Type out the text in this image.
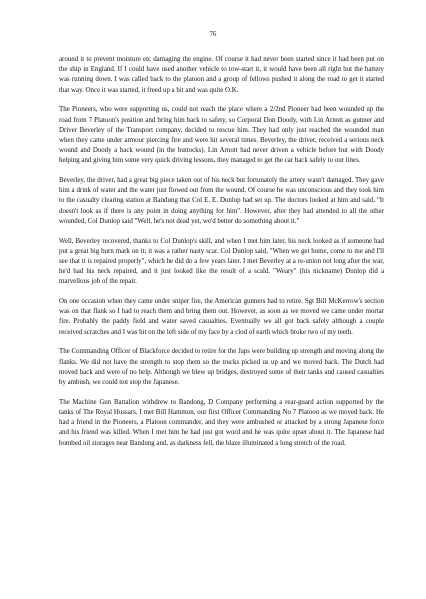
76

around it to prevent moisture etc damaging the engine. Of course it had never been started since it had been put on the ship in England. If I could have used another vehicle to tow-start it, it would have been all right but the battery was running down. I was called back to the platoon and a group of fellows pushed it along the road to get it started that way. Once it was started, it freed up a bit and was quite O.K.

The Pioneers, who were supporting us, could not reach the place where a 2/2nd Pioneer had been wounded up the road from 7 Platoon's position and bring him back to safety, so Corporal Don Doody, with Lin Arnott as gunner and Driver Beverley of the Transport company, decided to rescue him. They had only just reached the wounded man when they came under armour piercing fire and were hit several times. Beverley, the driver, received a serious neck wound and Doody a back wound (in the buttocks). Lin Arnott had never driven a vehicle before but with Doody helping and giving him some very quick driving lessons, they managed to get the car back safely to our lines.

Beverley, the driver, had a great big piece taken out of his neck but fortunately the artery wasn't damaged. They gave him a drink of water and the water just flowed out from the wound. Of course he was unconscious and they took him to the casualty clearing station at Bandung that Col E. E. Dunlop had set up. The doctors looked at him and said, "It doesn't look as if there is any point in doing anything for him". However, after they had attended to all the other wounded, Col Dunlop said "Well, he's not dead yet, we'd better do something about it."

Well, Beverley recovered, thanks to Col Dunlop's skill, and when I met him later, his neck looked as if someone had put a great big burn mark on it; it was a rather nasty scar. Col Dunlop said, "When we get home, come to me and I'll see that it is repaired properly", which he did do a few years later. I met Beverley at a re-union not long after the war, he'd had his neck repaired, and it just looked like the result of a scald. "Weary" (his nickname) Dunlop did a marvellous job of the repair.

On one occasion when they came under sniper fire, the American gunners had to retire. Sgt Bill McKerrow's section was on that flank so I had to reach them and bring them out. However, as soon as we moved we came under mortar fire. Probably the paddy field and water saved casualties. Eventually we all got back safely although a couple received scratches and I was hit on the left side of my face by a clod of earth which broke two of my teeth.

The Commanding Officer of Blackforce decided to retire for the Japs were building up strength and moving along the flanks. We did not have the strength to stop them so the trucks picked us up and we moved back. The Dutch had moved back and were of no help. Although we blew up bridges, destroyed some of their tanks and caused casualties by ambush, we could not stop the Japanese.

The Machine Gun Battalion withdrew to Bandong, D Company performing a rear-guard action supported by the tanks of The Royal Hussars. I met Bill Hammon, our first Officer Commanding No 7 Platoon as we moved back. He had a friend in the Pioneers, a Platoon commander, and they were ambushed or attacked by a strong Japanese force and his friend was killed. When I met him he had just got word and he was quite upset about it. The Japanese had bombed oil storages near Bandung and, as darkness fell, the blaze illuminated a long stretch of the road.
